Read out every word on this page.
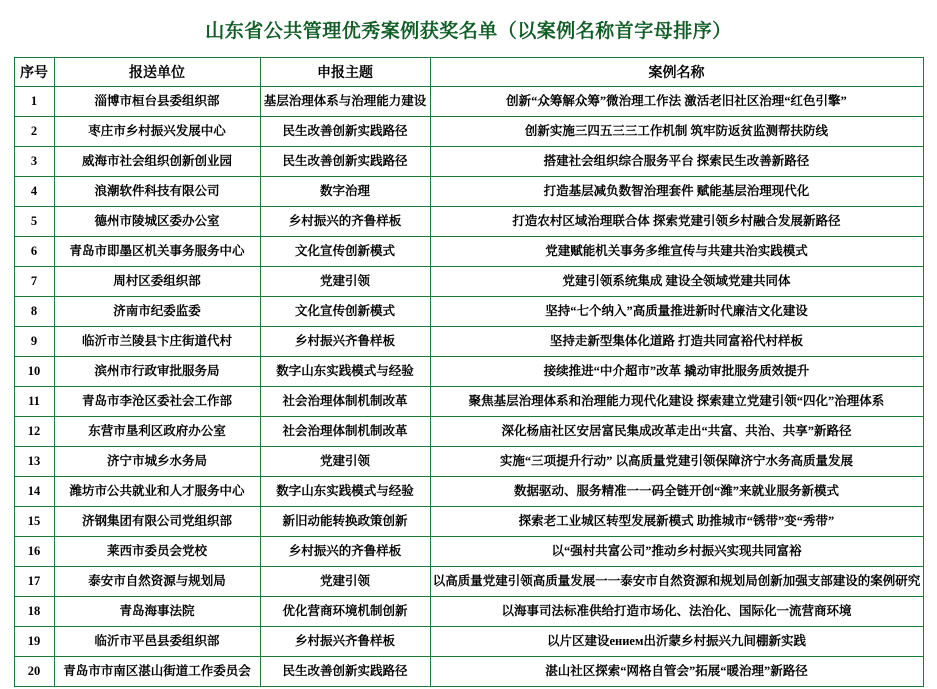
山东省公共管理优秀案例获奖名单（以案例名称首字母排序）
序号	报送单位	申报主题	案例名称
1	淄博市桓台县委组织部	基层治理体系与治理能力建设	创新“众筹解众筹”微治理工作法 激活老旧社区治理“红色引擎”
2	枣庄市乡村振兴发展中心	民生改善创新实践路径	创新实施三四五三三工作机制 筑牢防返贫监测帮扶防线
3	威海市社会组织创新创业园	民生改善创新实践路径	搭建社会组织综合服务平台 探索民生改善新路径
4	浪潮软件科技有限公司	数字治理	打造基层减负数智治理套件 赋能基层治理现代化
5	德州市陵城区委办公室	乡村振兴的齐鲁样板	打造农村区域治理联合体 探索党建引领乡村融合发展新路径
6	青岛市即墨区机关事务服务中心	文化宣传创新模式	党建赋能机关事务多维宣传与共建共治实践模式
7	周村区委组织部	党建引领	党建引领系统集成 建设全领域党建共同体
8	济南市纪委监委	文化宣传创新模式	坚持“七个纳入”高质量推进新时代廉洁文化建设
9	临沂市兰陵县卞庄街道代村	乡村振兴齐鲁样板	坚持走新型集体化道路 打造共同富裕代村样板
10	滨州市行政审批服务局	数字山东实践模式与经验	接续推进“中介超市”改革 撬动审批服务质效提升
11	青岛市李沧区委社会工作部	社会治理体制机制改革	聚焦基层治理体系和治理能力现代化建设 探索建立党建引领“四化”治理体系
12	东营市垦利区政府办公室	社会治理体制机制改革	深化杨庙社区安居富民集成改革走出“共富、共治、共享”新路径
13	济宁市城乡水务局	党建引领	实施“三项提升行动” 以高质量党建引领保障济宁水务高质量发展
14	潍坊市公共就业和人才服务中心	数字山东实践模式与经验	数据驱动、服务精准一一码全链开创“潍”来就业服务新模式
15	济钢集团有限公司党组织部	新旧动能转换政策创新	探索老工业城区转型发展新模式 助推城市“锈带”变“秀带”
16	莱西市委员会党校	乡村振兴的齐鲁样板	以“强村共富公司”推动乡村振兴实现共同富裕
17	泰安市自然资源与规划局	党建引领	以高质量党建引领高质量发展一一泰安市自然资源和规划局创新加强支部建设的案例研究
18	青岛海事法院	优化营商环境机制创新	以海事司法标准供给打造市场化、法治化、国际化一流营商环境
19	临沂市平邑县委组织部	乡村振兴齐鲁样板	以片区建设ением出沂蒙乡村振兴九间棚新实践
20	青岛市市南区湛山街道工作委员会	民生改善创新实践路径	湛山社区探索“网格自管会”拓展“暖治理”新路径
